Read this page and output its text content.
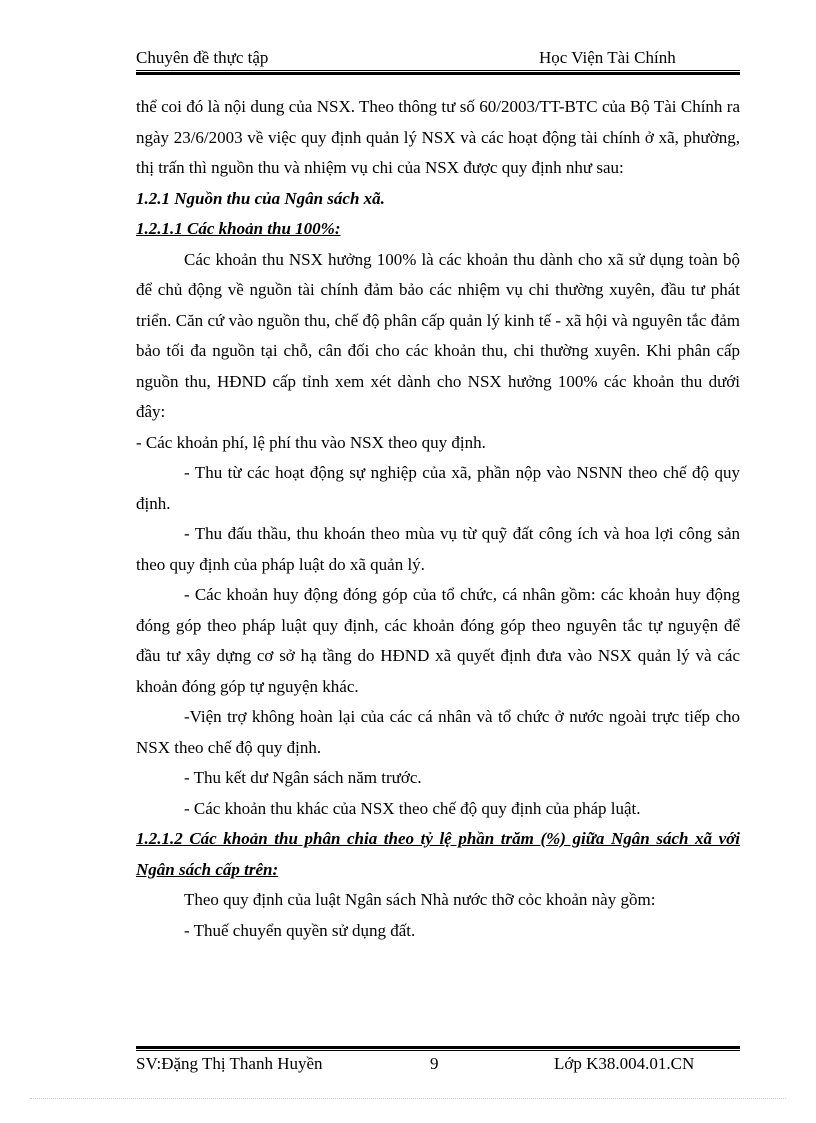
Chuyên đề thực tập	Học Viện Tài Chính

thể coi đó là nội dung của NSX. Theo thông tư số 60/2003/TT-BTC của Bộ Tài Chính ra ngày 23/6/2003 về việc quy định quản lý NSX và các hoạt động tài chính ở xã, phường, thị trấn thì nguồn thu và nhiệm vụ chi của NSX được quy định như sau:

1.2.1 Nguồn thu của Ngân sách xã.

1.2.1.1 Các khoản thu 100%:

Các khoản thu NSX hưởng 100% là các khoản thu dành cho xã sử dụng toàn bộ để chủ động về nguồn tài chính đảm bảo các nhiệm vụ chi thường xuyên, đầu tư phát triển. Căn cứ vào nguồn thu, chế độ phân cấp quản lý kinh tế - xã hội và nguyên tắc đảm bảo tối đa nguồn tại chỗ, cân đối cho các khoản thu, chi thường xuyên. Khi phân cấp nguồn thu, HĐND cấp tỉnh xem xét dành cho NSX hưởng 100% các khoản thu dưới đây:

- Các khoản phí, lệ phí thu vào NSX theo quy định.

- Thu từ các hoạt động sự nghiệp của xã, phần nộp vào NSNN theo chế độ quy định.

- Thu đấu thầu, thu khoán theo mùa vụ từ quỹ đất công ích và hoa lợi công sản theo quy định của pháp luật do xã quản lý.

- Các khoản huy động đóng góp của tổ chức, cá nhân gồm: các khoản huy động đóng góp theo pháp luật quy định, các khoản đóng góp theo nguyên tắc tự nguyện để đầu tư xây dựng cơ sở hạ tầng do HĐND xã quyết định đưa vào NSX quản lý và các khoản đóng góp tự nguyện khác.

-Viện trợ không hoàn lại của các cá nhân và tổ chức ở nước ngoài trực tiếp cho NSX theo chế độ quy định.

- Thu kết dư Ngân sách năm trước.

- Các khoản thu khác của NSX theo chế độ quy định của pháp luật.

1.2.1.2 Các khoản thu phân chia theo tỷ lệ phần trăm (%) giữa Ngân sách xã với Ngân sách cấp trên:

Theo quy định của luật Ngân sách Nhà nước thỡ cỏc khoản này gồm:

- Thuế chuyển quyền sử dụng đất.

SV:Đặng Thị Thanh Huyền	9	Lớp K38.004.01.CN
